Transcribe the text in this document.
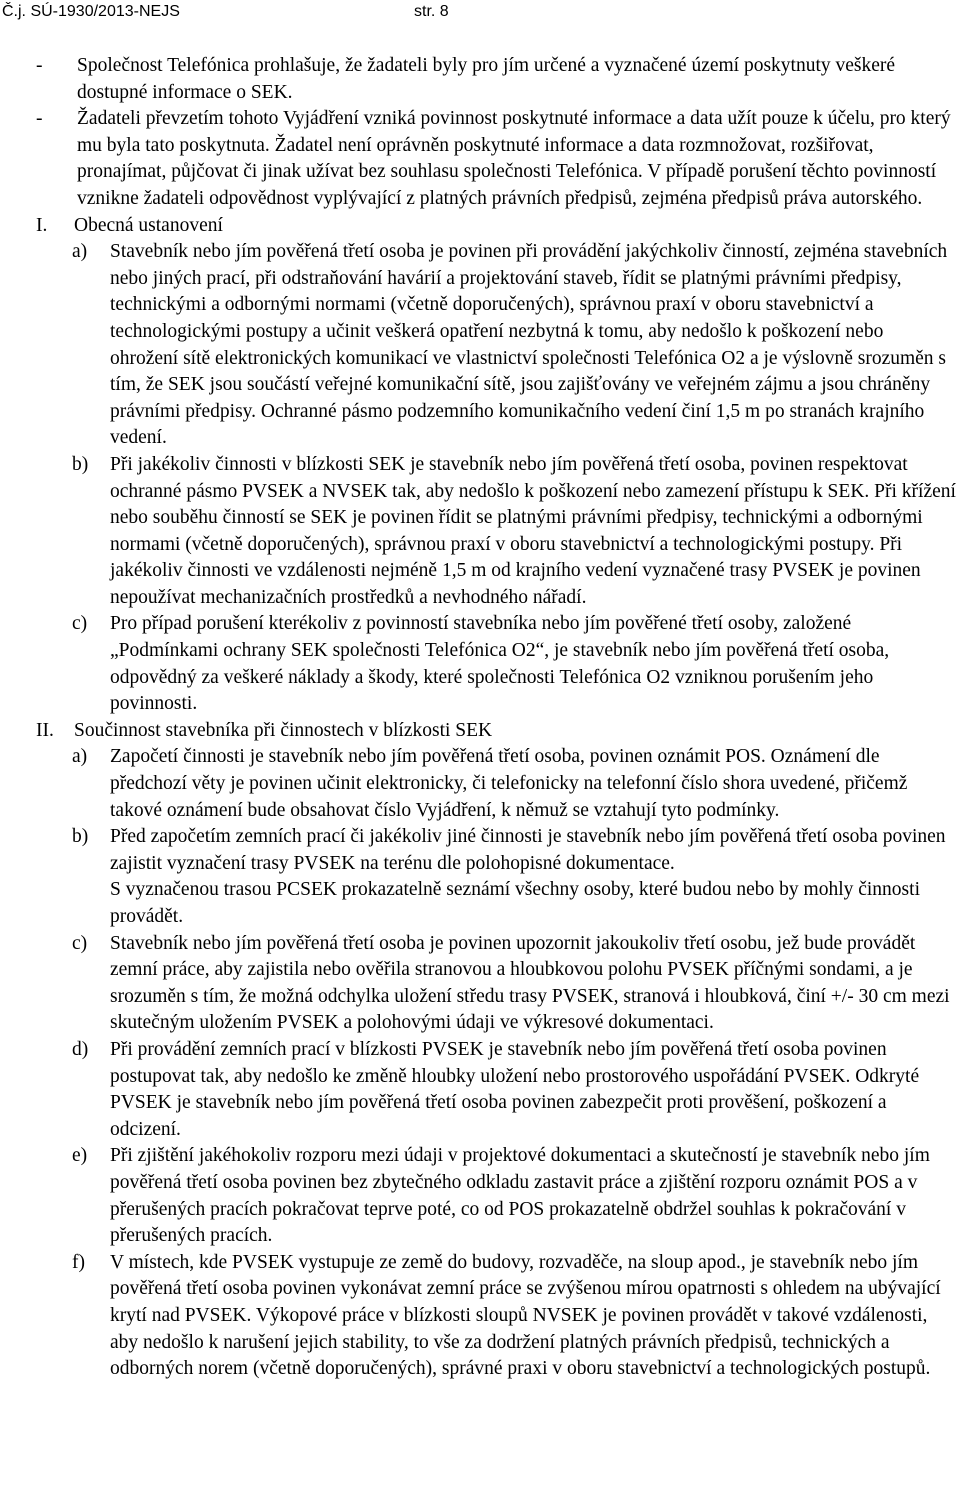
Č.j. SÚ-1930/2013-NEJS	str. 8
- Společnost Telefónica prohlašuje, že žadateli byly pro jím určené a vyznačené území poskytnuty veškeré dostupné informace o SEK.
- Žadateli převzetím tohoto Vyjádření vzniká povinnost poskytnuté informace a data užít pouze k účelu, pro který mu byla tato poskytnuta. Žadatel není oprávněn poskytnuté informace a data rozmnožovat, rozšiřovat, pronajímat, půjčovat či jinak užívat bez souhlasu společnosti Telefónica. V případě porušení těchto povinností vznikne žadateli odpovědnost vyplývající z platných právních předpisů, zejména předpisů práva autorského.
I. Obecná ustanovení
a) Stavebník nebo jím pověřená třetí osoba je povinen při provádění jakýchkoliv činností, zejména stavebních nebo jiných prací, při odstraňování havárií a projektování staveb, řídit se platnými právními předpisy, technickými a odbornými normami (včetně doporučených), správnou praxí v oboru stavebnictví a technologickými postupy a učinit veškerá opatření nezbytná k tomu, aby nedošlo k poškození nebo ohrožení sítě elektronických komunikací ve vlastnictví společnosti Telefónica O2 a je výslovně srozuměn s tím, že SEK jsou součástí veřejné komunikační sítě, jsou zajišťovány ve veřejném zájmu a jsou chráněny právními předpisy. Ochranné pásmo podzemního komunikačního vedení činí 1,5 m po stranách krajního vedení.
b) Při jakékoliv činnosti v blízkosti SEK je stavebník nebo jím pověřená třetí osoba, povinen respektovat ochranné pásmo PVSEK a NVSEK tak, aby nedošlo k poškození nebo zamezení přístupu k SEK. Při křížení nebo souběhu činností se SEK je povinen řídit se platnými právními předpisy, technickými a odbornými normami (včetně doporučených), správnou praxí v oboru stavebnictví a technologickými postupy. Při jakékoliv činnosti ve vzdálenosti nejméně 1,5 m od krajního vedení vyznačené trasy PVSEK je povinen nepoužívat mechanizačních prostředků a nevhodného nářadí.
c) Pro případ porušení kterékoliv z povinností stavebníka nebo jím pověřené třetí osoby, založené „Podmínkami ochrany SEK společnosti Telefónica O2“, je stavebník nebo jím pověřená třetí osoba, odpovědný za veškeré náklady a škody, které společnosti Telefónica O2 vzniknou porušením jeho povinnosti.
II. Součinnost stavebníka při činnostech v blízkosti SEK
a) Započetí činnosti je stavebník nebo jím pověřená třetí osoba, povinen oznámit POS. Oznámení dle předchozí věty je povinen učinit elektronicky, či telefonicky na telefonní číslo shora uvedené, přičemž takové oznámení bude obsahovat číslo Vyjádření, k němuž se vztahují tyto podmínky.
b) Před započetím zemních prací či jakékoliv jiné činnosti je stavebník nebo jím pověřená třetí osoba povinen zajistit vyznačení trasy PVSEK na terénu dle polohopisné dokumentace.
S vyznačenou trasou PCSEK prokazatelně seznámí všechny osoby, které budou nebo by mohly činnosti provádět.
c) Stavebník nebo jím pověřená třetí osoba je povinen upozornit jakoukoliv třetí osobu, jež bude provádět zemní práce, aby zajistila nebo ověřila stranovou a hloubkovou polohu PVSEK příčnými sondami, a je srozuměn s tím, že možná odchylka uložení středu trasy PVSEK, stranová i hloubková, činí +/- 30 cm mezi skutečným uložením PVSEK a polohovými údaji ve výkresové dokumentaci.
d) Při provádění zemních prací v blízkosti PVSEK je stavebník nebo jím pověřená třetí osoba povinen postupovat tak, aby nedošlo ke změně hloubky uložení nebo prostorového uspořádání PVSEK. Odkryté PVSEK je stavebník nebo jím pověřená třetí osoba povinen zabezpečit proti prověšení, poškození a odcizení.
e) Při zjištění jakéhokoliv rozporu mezi údaji v projektové dokumentaci a skutečností je stavebník nebo jím pověřená třetí osoba povinen bez zbytečného odkladu zastavit práce a zjištění rozporu oznámit POS a v přerušených pracích pokračovat teprve poté, co od POS prokazatelně obdržel souhlas k pokračování v přerušených pracích.
f) V místech, kde PVSEK vystupuje ze země do budovy, rozvaděče, na sloup apod., je stavebník nebo jím pověřená třetí osoba povinen vykonávat zemní práce se zvýšenou mírou opatrnosti s ohledem na ubývající krytí nad PVSEK. Výkopové práce v blízkosti sloupů NVSEK je povinen provádět v takové vzdálenosti, aby nedošlo k narušení jejich stability, to vše za dodržení platných právních předpisů, technických a odborných norem (včetně doporučených), správné praxi v oboru stavebnictví a technologických postupů.
